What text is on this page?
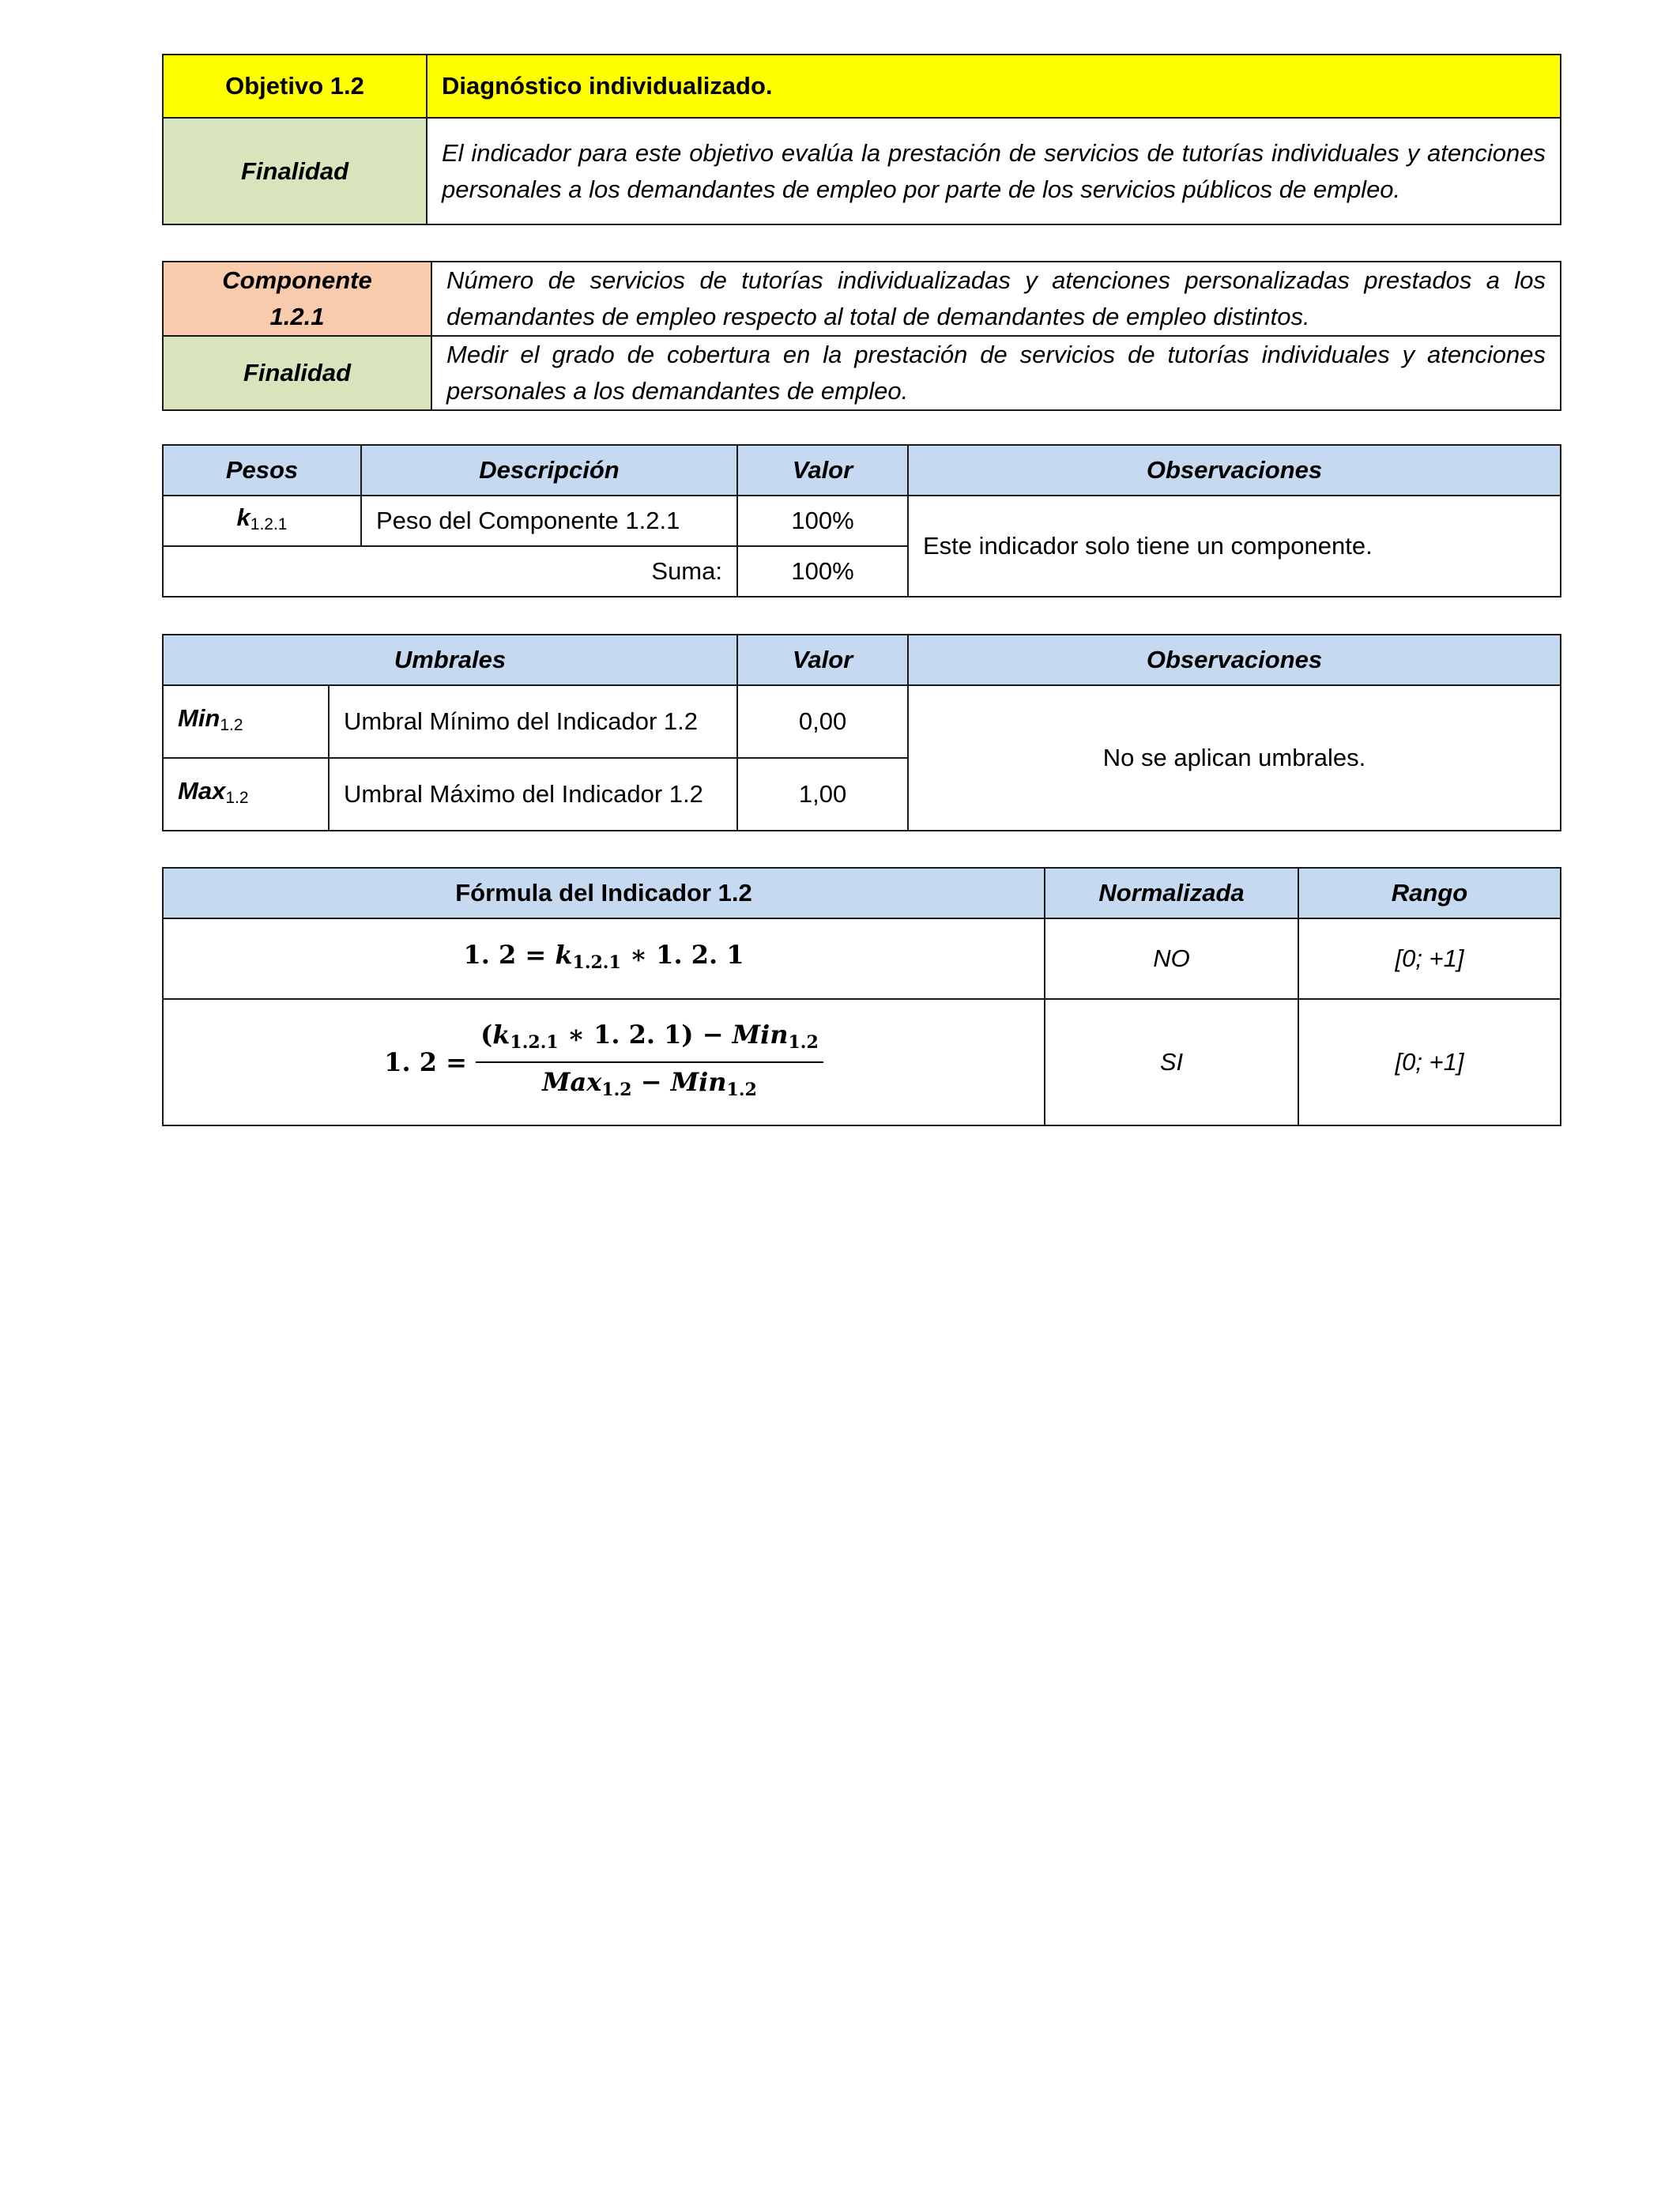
Objetivo 1.2	Diagnóstico individualizado.
Finalidad	El indicador para este objetivo evalúa la prestación de servicios de tutorías individuales y atenciones personales a los demandantes de empleo por parte de los servicios públicos de empleo.
Componente 1.2.1	Número de servicios de tutorías individualizadas y atenciones personalizadas prestados a los demandantes de empleo respecto al total de demandantes de empleo distintos.
Finalidad	Medir el grado de cobertura en la prestación de servicios de tutorías individuales y atenciones personales a los demandantes de empleo.
Pesos	Descripción	Valor	Observaciones
$k_{1.2.1}$	Peso del Componente 1.2.1	100%	Este indicador solo tiene un componente.
Suma:		100%	
Umbrales		Valor	Observaciones
Min1.2	Umbral Mínimo del Indicador 1.2	0,00	No se aplican umbrales.
Max1.2	Umbral Máximo del Indicador 1.2	1,00	
Fórmula del Indicador 1.2	Normalizada	Rango
1. 2 = k1.2.1 ∗ 1. 2. 1	NO	[0; +1]
1. $2 = \frac{\text{(k1.2.1 ∗ 1. 2. 1) − Min1.2}}{\text{Max1.2 − Min1.2}}$	SI	[0; +1]
